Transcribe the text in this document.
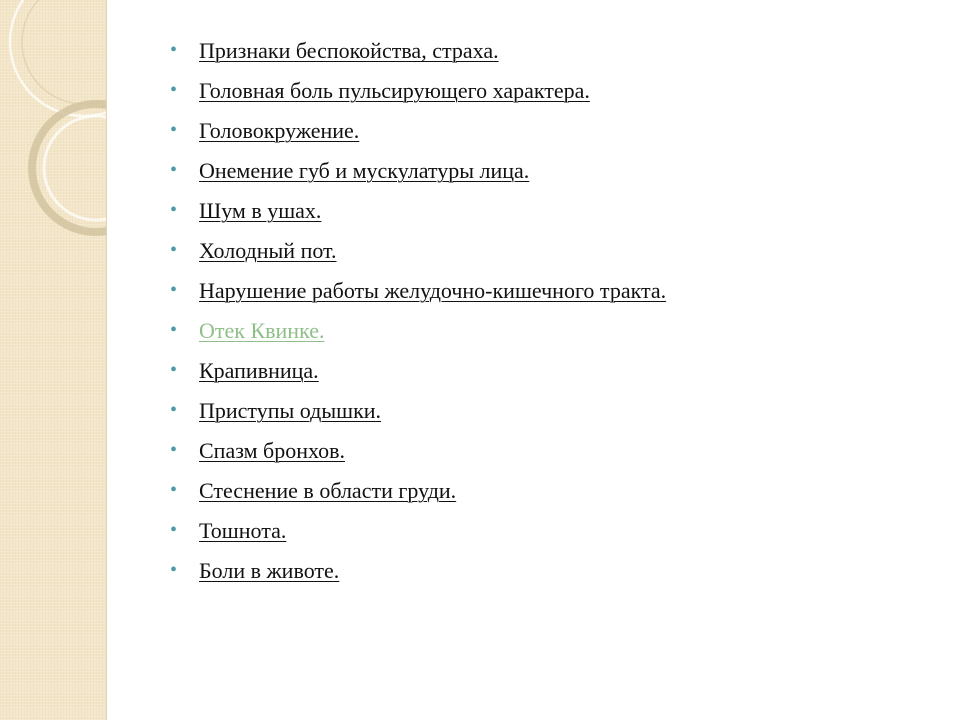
• Признаки беспокойства, страха.
• Головная боль пульсирующего характера.
• Головокружение.
• Онемение губ и мускулатуры лица.
• Шум в ушах.
• Холодный пот.
• Нарушение работы желудочно-кишечного тракта.
• Отек Квинке.
• Крапивница.
• Приступы одышки.
• Спазм бронхов.
• Стеснение в области груди.
• Тошнота.
• Боли в животе.
